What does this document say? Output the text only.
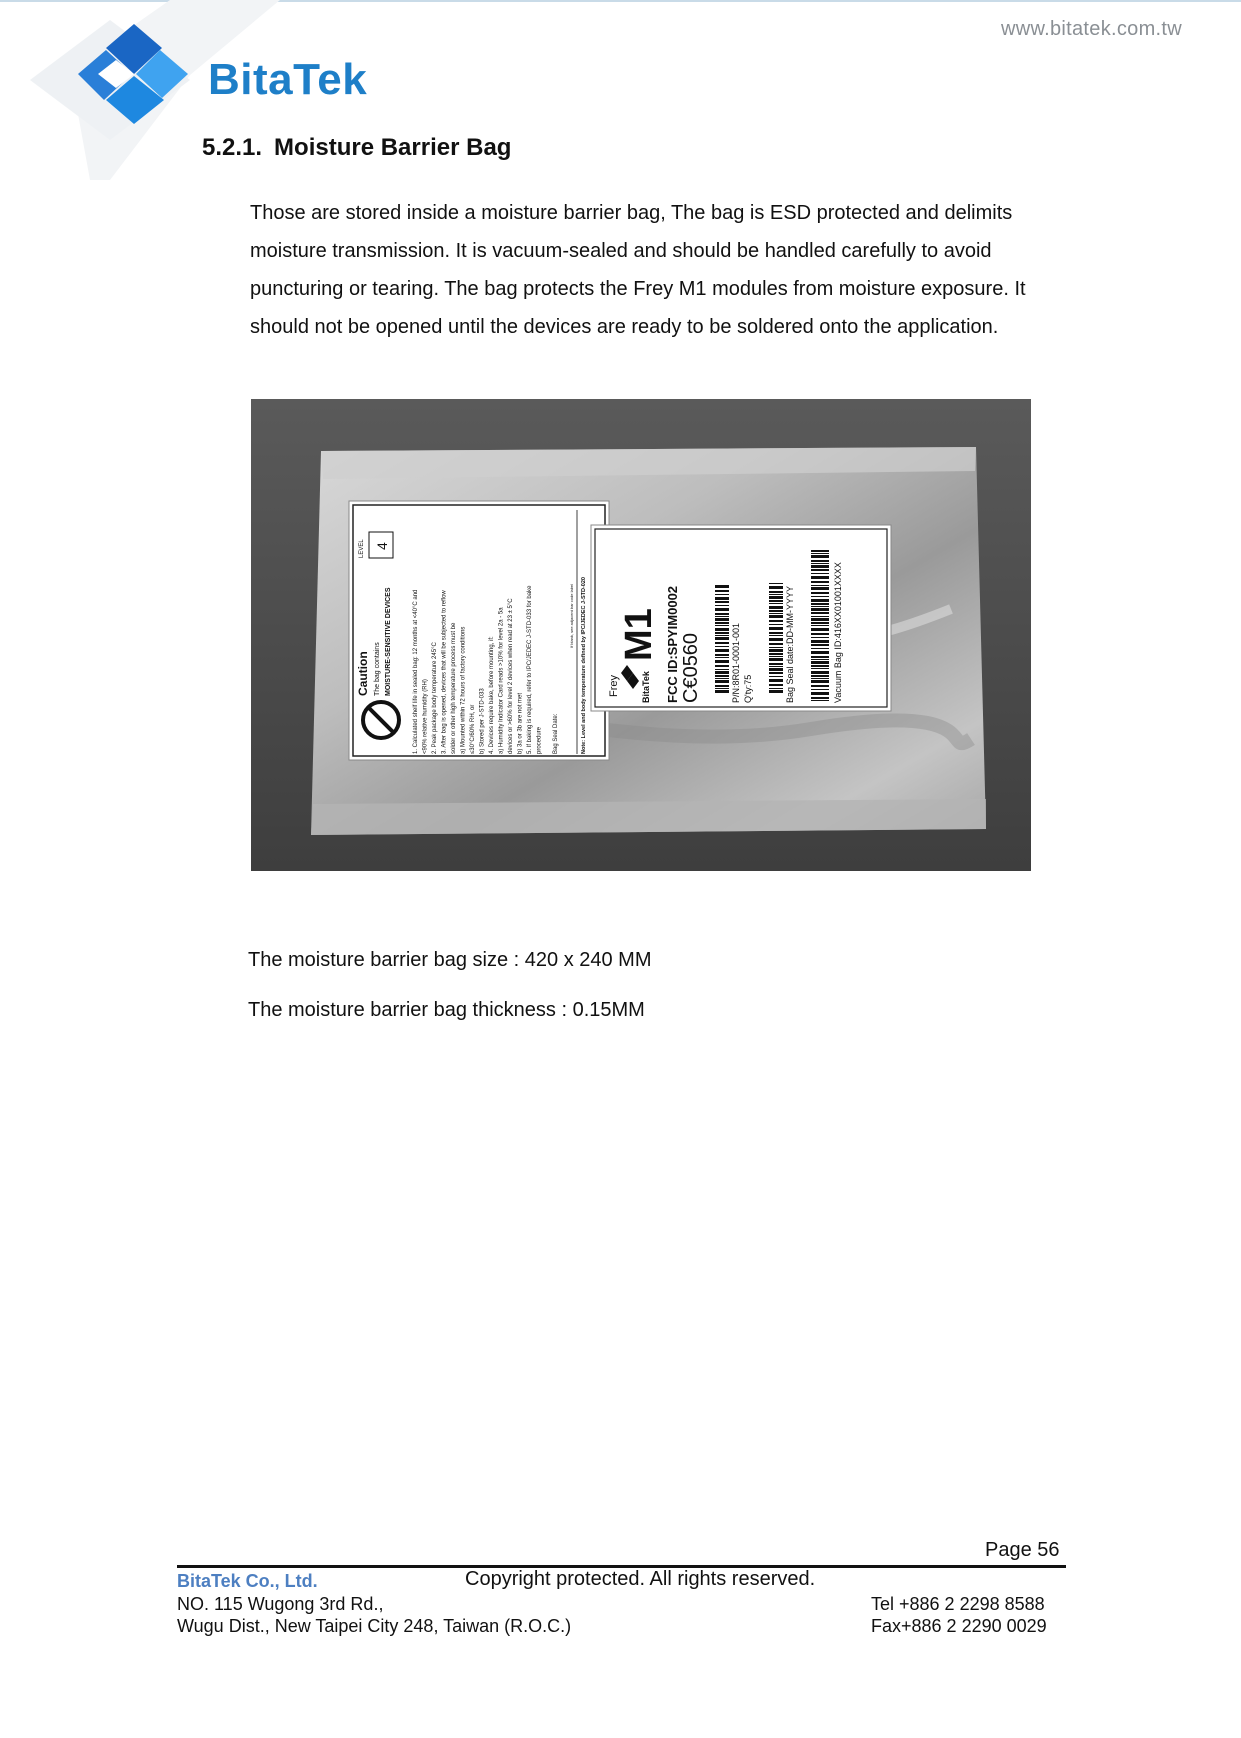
BitaTek
www.bitatek.com.tw
5.2.1. Moisture Barrier Bag
Those are stored inside a moisture barrier bag, The bag is ESD protected and delimits moisture transmission. It is vacuum-sealed and should be handled carefully to avoid puncturing or tearing. The bag protects the Frey M1 modules from moisture exposure. It should not be opened until the devices are ready to be soldered onto the application.
Caution The bag contains MOISTURE-SENSITIVE DEVICES
LEVEL 4
1. Calculated shelf life in sealed bag: 12 months at <40°C and <90% relative humidity (RH) 2. Peak package body temperature 245°C 3. After bag is opened, devices that will be subjected to reflow solder or other high temperature process must be a) Mounted within 72 hours of factory conditions ≤30°C/60% RH, or b) Stored per J-STD-033 4. Devices require bake, before mounting, if: a) Humidity Indicator Card reads >10% for level 2a - 5a devices or >60% for level 2 devices when read at 23 ± 5°C b) 3a or 3b are not met 5. If baking is required, refer to IPC/JEDEC J-STD-033 for bake procedure Bag Seal Date:
If blank, see adjacent bar code label Note: Level and body temperature defined by IPC/JEDEC J-STD-020 Frey BitaTek
M1 FCC ID:SPYIM0002 C€0560	P/N:8R01-0001-001 Q'ty:75	Bag Seal date:DD-MM-YYYY	Vacuum Bag ID:416XX01001XXXX
The moisture barrier bag size : 420 x 240 MM
The moisture barrier bag thickness : 0.15MM
Page 56
BitaTek Co., Ltd.	Copyright protected. All rights reserved.
NO. 115 Wugong 3rd Rd.,
Wugu Dist., New Taipei City 248, Taiwan (R.O.C.)
Tel +886 2 2298 8588
Fax+886 2 2290 0029
